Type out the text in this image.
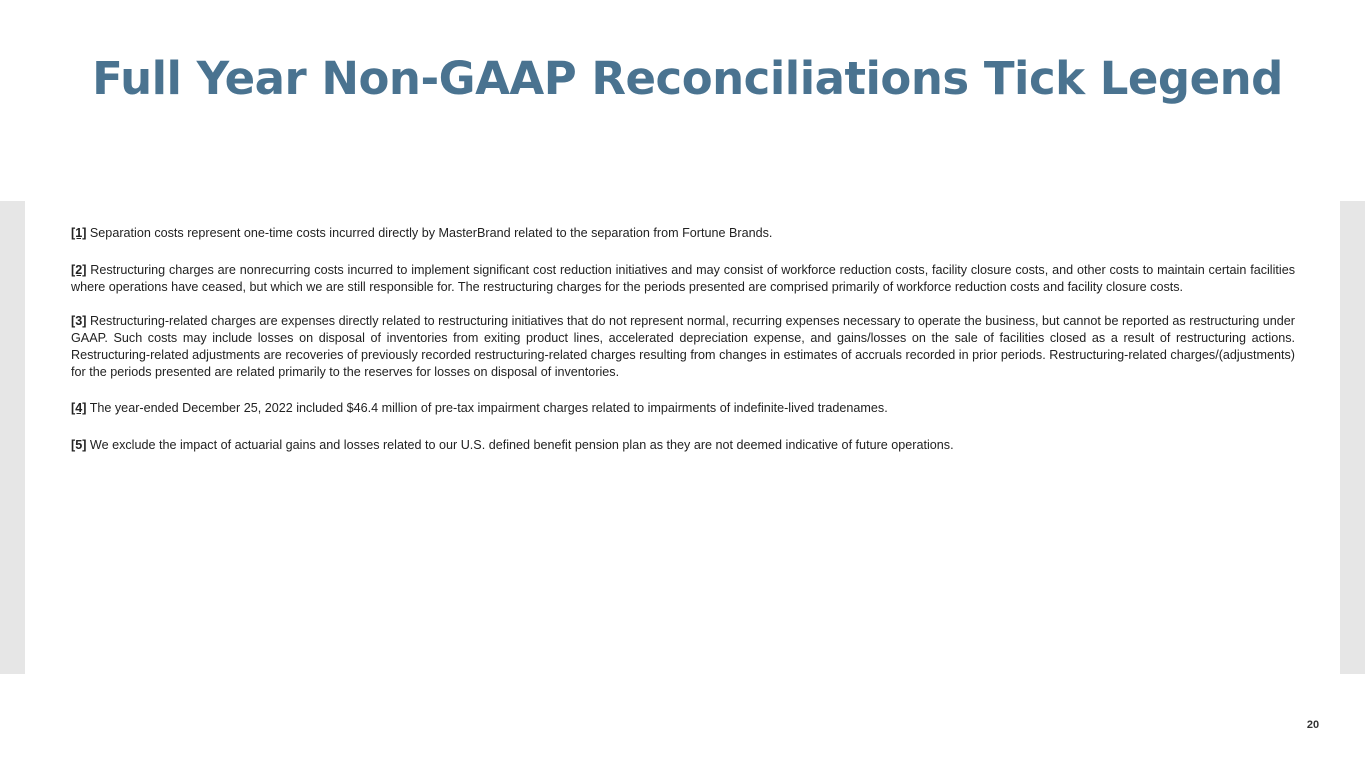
Full Year Non-GAAP Reconciliations Tick Legend

[1] Separation costs represent one-time costs incurred directly by MasterBrand related to the separation from Fortune Brands.

[2] Restructuring charges are nonrecurring costs incurred to implement significant cost reduction initiatives and may consist of workforce reduction costs, facility closure costs, and other costs to maintain certain facilities where operations have ceased, but which we are still responsible for. The restructuring charges for the periods presented are comprised primarily of workforce reduction costs and facility closure costs.

[3] Restructuring-related charges are expenses directly related to restructuring initiatives that do not represent normal, recurring expenses necessary to operate the business, but cannot be reported as restructuring under GAAP. Such costs may include losses on disposal of inventories from exiting product lines, accelerated depreciation expense, and gains/losses on the sale of facilities closed as a result of restructuring actions. Restructuring-related adjustments are recoveries of previously recorded restructuring-related charges resulting from changes in estimates of accruals recorded in prior periods. Restructuring-related charges/(adjustments) for the periods presented are related primarily to the reserves for losses on disposal of inventories.

[4] The year-ended December 25, 2022 included $46.4 million of pre-tax impairment charges related to impairments of indefinite-lived tradenames.

[5] We exclude the impact of actuarial gains and losses related to our U.S. defined benefit pension plan as they are not deemed indicative of future operations.

20
